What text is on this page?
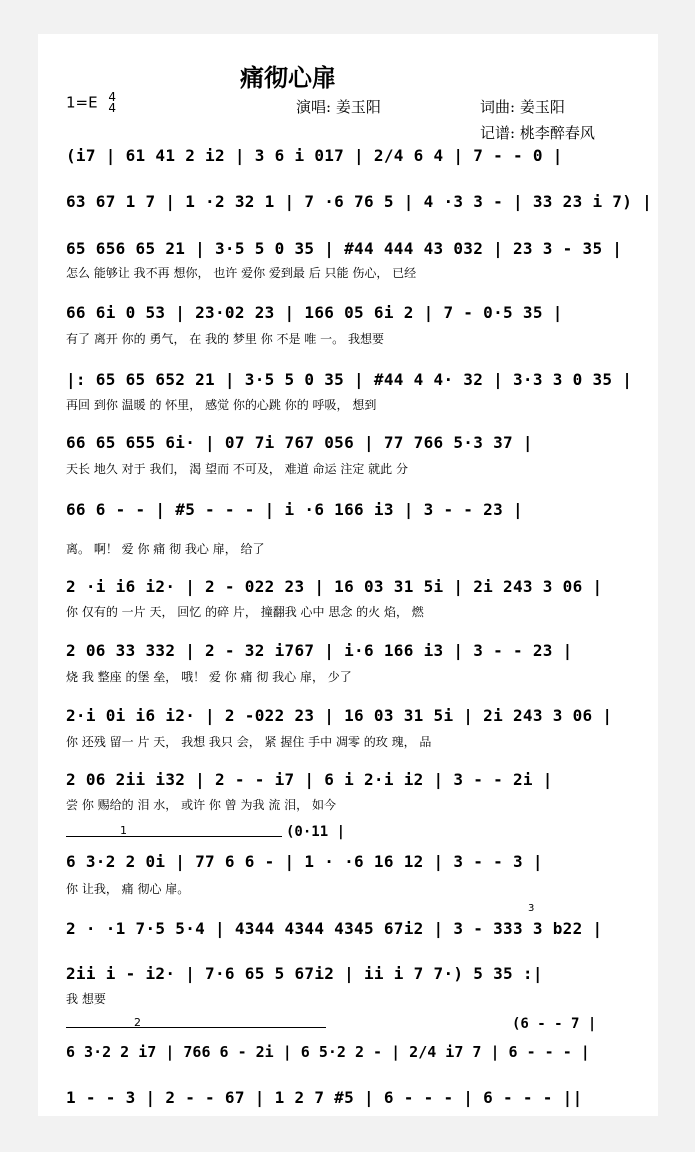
痛彻心扉
1=E 4
4	演唱: 姜玉阳	词曲: 姜玉阳
记谱: 桃李醉春风
(i7 | 61 41 2 i2 | 3 6 i 017 | 2/4 6 4 | 7 - - 0 |
63 67 1 7 | 1 ·2 32 1 | 7 ·6 76 5 | 4 ·3 3 - | 33 23 i 7) |
65 656 65 21 | 3·5 5 0 35 | #44 444 43 032 | 23 3 - 35 |
怎么 能够让 我不再 想你， 也许 爱你 爱到最 后 只能 伤心， 已经
66 6i 0 53 | 23·02 23 | 166 05 6i 2 | 7 - 0·5 35 |
有了 离开 你的 勇气， 在 我的 梦里 你 不是 唯 一。 我想要
|: 65 65 652 21 | 3·5 5 0 35 | #44 4 4· 32 | 3·3 3 0 35 |
再回 到你 温暖 的 怀里， 感觉 你的心跳 你的 呼吸， 想到
66 65 655 6i· | 07 7i 767 056 | 77 766 5·3 37 |
天长 地久 对于 我们， 渴 望而 不可及， 难道 命运 注定 就此 分
66 6 - - | #5 - - - | i ·6 166 i3 | 3 - - 23 |
离。 啊！ 爱 你 痛 彻 我心 扉， 给了
2 ·i i6 i2· | 2 - 022 23 | 16 03 31 5i | 2i 243 3 06 |
你 仅有的 一片 天， 回忆 的碎 片， 撞翻我 心中 思念 的火 焰， 燃
2 06 33 332 | 2 - 32 i767 | i·6 166 i3 | 3 - - 23 |
烧 我 整座 的堡 垒， 哦！ 爱 你 痛 彻 我心 扉， 少了
2·i 0i i6 i2· | 2 -022 23 | 16 03 31 5i | 2i 243 3 06 |
你 还残 留一 片 天， 我想 我只 会， 紧 握住 手中 凋零 的玫 瑰， 品
2 06 2ii i32 | 2 - - i7 | 6 i 2·i i2 | 3 - - 2i |
尝 你 赐给的 泪 水， 或许 你 曾 为我 流 泪， 如今
1	(0·11 |
6 3·2 2 0i | 77 6 6 - | 1 · ·6 16 12 | 3 - - 3 |
你 让我， 痛 彻心 扉。
2 · ·1 7·5 5·4 | 4344 4344 4345 67i2 | 3 - 333 3 b22 |
3
2ii i - i2· | 7·6 65 5 67i2 | ii i 7 7·) 5 35 :|
我 想要
2	(6 - - 7 |
6 3·2 2 i7 | 766 6 - 2i | 6 5·2 2 - | 2/4 i7 7 | 6 - - - |
1 - - 3 | 2 - - 67 | 1 2 7 #5 | 6 - - - | 6 - - - ||
